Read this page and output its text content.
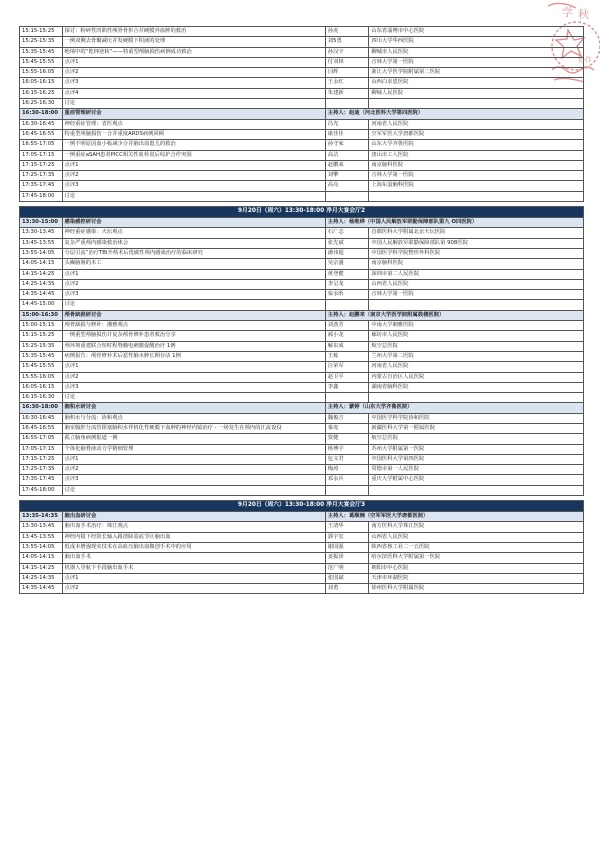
学 秋
协作
15:15-15:25	探讨：粉碎性凹陷性颅骨骨折合并硬膜外血肿的救治	孙虎	山东省淄博市中心医院
15:25-15:35	一例双侧去骨瓣减压并发硬膜下积液的处理	刘5勇	四川大学华西医院
15:35-15:45	绝境中的“乾坤逆转”——特重型颅脑损伤病例成功救治	孙汉宇	聊城市人民医院
15:45-15:55	点评1	付双林	吉林大学第一医院
15:55-16:05	点评2	闫辉	浙江大学医学院附属第二医院
16:05-16:15	点评3	王永红	山西白求恩医院
16:15-16:25	点评4	朱建新	聊城人民医院
16:25-16:30	讨论		
16:30-18:00	重症管理研讨会	主持人：赵迪（河北医科大学第四医院）	
16:30-16:45	神经重症管理：省医观点	冯光	河南省人民医院
16:45-16:55	特重型颅脑损伤一合并重度ARDS病例回顾	康佳佳	空军军医大学唐都医院
16:55-17:05	一例不明原因血小板减少合并脑出血患儿的救治	孙守家	山东大学齐鲁医院
17:05-17:15	一例重症aSAH患者PICC相关性血栓说后综护合作突围	高洁	唐山市工人医院
17:15-17:25	点评1	赵鹏来	南京脑科医院
17:25-17:35	点评2	刘擎	吉林大学第一医院
17:35-17:45	点评3	高亮	上海东蛋脑科医院
17:45-18:00	讨论		

9月20日（周六）13:30-18:00 净月大宴会厅2			
13:30-15:00	感染感控研讨会	主持人：杨维烨（中国人民解放军联勤保障部队第九 O四医院）	
13:30-13:45	神经重症感染：天坛观点	石广志	首都医科大学附属北京天坛医院
13:45-13:55	复杂严重颅内感染救治体会	张先斌	中国人民解放军联勤保障部队第 908医院
13:55-14:05	分层引流”治疗TBI开颅术后优碳性颅内感染治疗的临床研究	潘伟超	中国医学科学院整形外科医院
14:05-14:15	头癫脑肠的木工	吴宗盛	南京脑科医院
14:15-14:25	点评1	黄登健	深圳市第二人民医院
14:25-14:35	点评2	李呈龙	山西省人民医院
14:35-14:45	点评3	栾永昕	吉林大学第一医院
14:45-15:00	讨论		
15:00-16:30	颅骨缺损研讨会	主持人：赵鹏来（南京大学医学院附属鼓楼医院）	
15:00-15:15	颅骨缺损与修补：湘雅观点	刘劲芳	中南大学湘雅医院
15:15-15:25	一例重型颅脑损伤并复杂颅骨修补患者救治分享	郝小龙	廊坊市人民医院
15:25-15:35	颅环境重建联合短时程脊髓电刺激促醒治疗 1例	解东成	航空总医院
15:35-15:45	病例报告：颅骨修补术后恶性脑水肿长期存活 1例	王栋	兰州大学第二医院
15:45-15:55	点评1	汪荣军	河南省人民医院
15:55-16:05	点评2	赵卫平	内蒙古自治区人民医院
16:05-16:15	点评3	李鑫	湖南省脑科医院
16:15-16:30	讨论		
16:30-18:00	脑积水研讨会	主持人：蒙婷（山东大学齐鲁医院）	
16:30-16:45	脑积水与分流：协和观点	魏俊吉	中国医学科学院协和医院
16:45-16:55	脑室腹腔分流管阻塞脑积水伴机化性硬膜下血肿的神经内镜治疗 - 一场发生在颅内的江流设役	秦虎	新疆医科大学第一附属医院
16:55-17:05	孤立脑角病例报道一例	贾健	航空总医院
17:05-17:15	个体化脑脊液动力学精细管理	杨博宇	苏州大学附属第一医院
17:15-17:25	点评1	包义君	中国医科大学第四医院
17:25-17:35	点评2	梅涛	常德市第一人民医院
17:35-17:45	点评3	邓永兵	重庆大学附属中心医院
17:45-18:00	讨论		

9月20日（周六）13:30-18:00 净月大宴会厅3			
13:35-14:35	脑出血研讨会	主持人：葛顺楠（空军军医大学唐都医院）	
13:30-13:45	脑出血手术治疗：珠江观点	王清华	南方医科大学珠江医院
13:45-13:55	神经内镜下经鼓长轴入路清除基底节区脑出血	郭宇宏	山西省人民医院
13:55-14:05	低成本增强现实技术在高血压脑出血微创手术中的应用	谢国强	陕西省核工业二一五医院
14:05-14:15	脑出血手术	姜振泽	哈尔滨医科大学附属第一医院
14:15-14:25	机器人导航下手段脑出血手术	范广明	朝阳市中心医院
14:25-14:35	点评1	张国斌	天津市环湖医院
14:35-14:45	点评2	刘勇	徐州医科大学附属医院
